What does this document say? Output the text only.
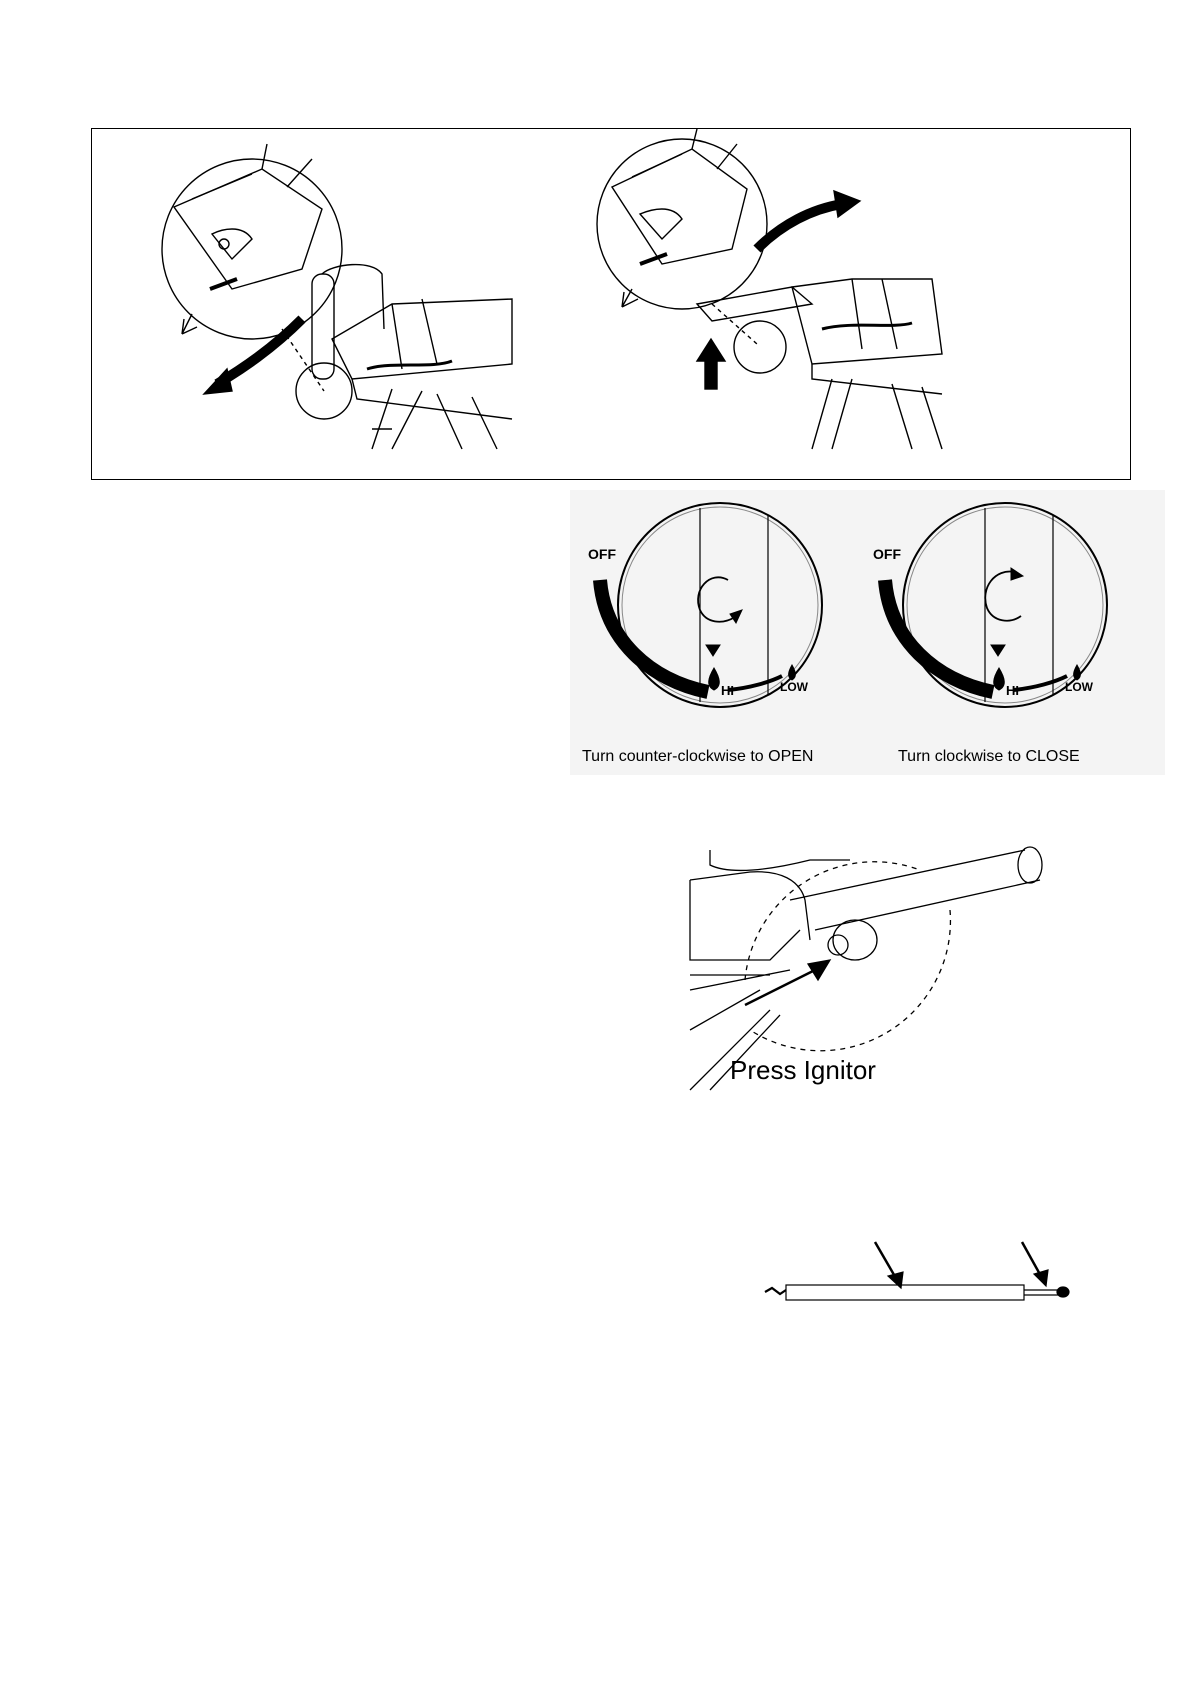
OFF
HI	LOW
Turn counter-clockwise to OPEN
OFF
HI	LOW
Turn clockwise to CLOSE
Press Ignitor
